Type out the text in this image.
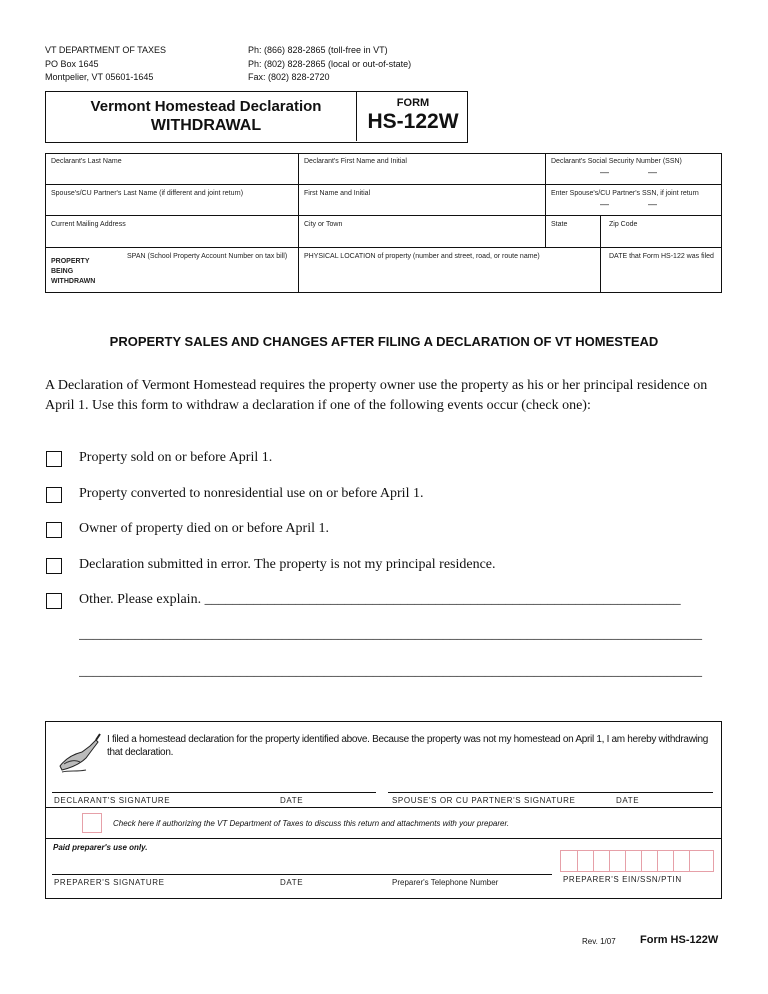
VT DEPARTMENT OF TAXES
PO Box 1645
Montpelier, VT 05601-1645
Ph: (866) 828-2865 (toll-free in VT)
Ph: (802) 828-2865 (local or out-of-state)
Fax: (802) 828-2720
Vermont Homestead Declaration
WITHDRAWAL
FORM
HS-122W
Declarant's Last Name	Declarant's First Name and Initial	Declarant's Social Security Number (SSN)
—	—
Spouse's/CU Partner's Last Name (if different and joint return)	First Name and Initial	Enter Spouse's/CU Partner's SSN, if joint return
—	—
Current Mailing Address	City or Town	State	Zip Code
PROPERTY
BEING
WITHDRAWN
SPAN (School Property Account Number on tax bill)	PHYSICAL LOCATION of property (number and street, road, or route name)	DATE that Form HS-122 was filed
PROPERTY SALES AND CHANGES AFTER FILING A DECLARATION OF VT HOMESTEAD
A Declaration of Vermont Homestead requires the property owner use the property as his or her principal residence on April 1. Use this form to withdraw a declaration if one of the following events occur (check one):
Property sold on or before April 1.
Property converted to nonresidential use on or before April 1.
Owner of property died on or before April 1.
Declaration submitted in error. The property is not my principal residence.
Other. Please explain. ____________________________________________________________________
_________________________________________________________________________________________
_________________________________________________________________________________________
I filed a homestead declaration for the property identified above. Because the property was not my homestead on April 1, I am hereby withdrawing that declaration.
DECLARANT'S SIGNATURE	DATE	SPOUSE'S OR CU PARTNER'S SIGNATURE	DATE
Check here if authorizing the VT Department of Taxes to discuss this return and attachments with your preparer.
Paid preparer's use only.
PREPARER'S SIGNATURE	DATE	Preparer's Telephone Number	PREPARER'S EIN/SSN/PTIN
Rev. 1/07 Form HS-122W
